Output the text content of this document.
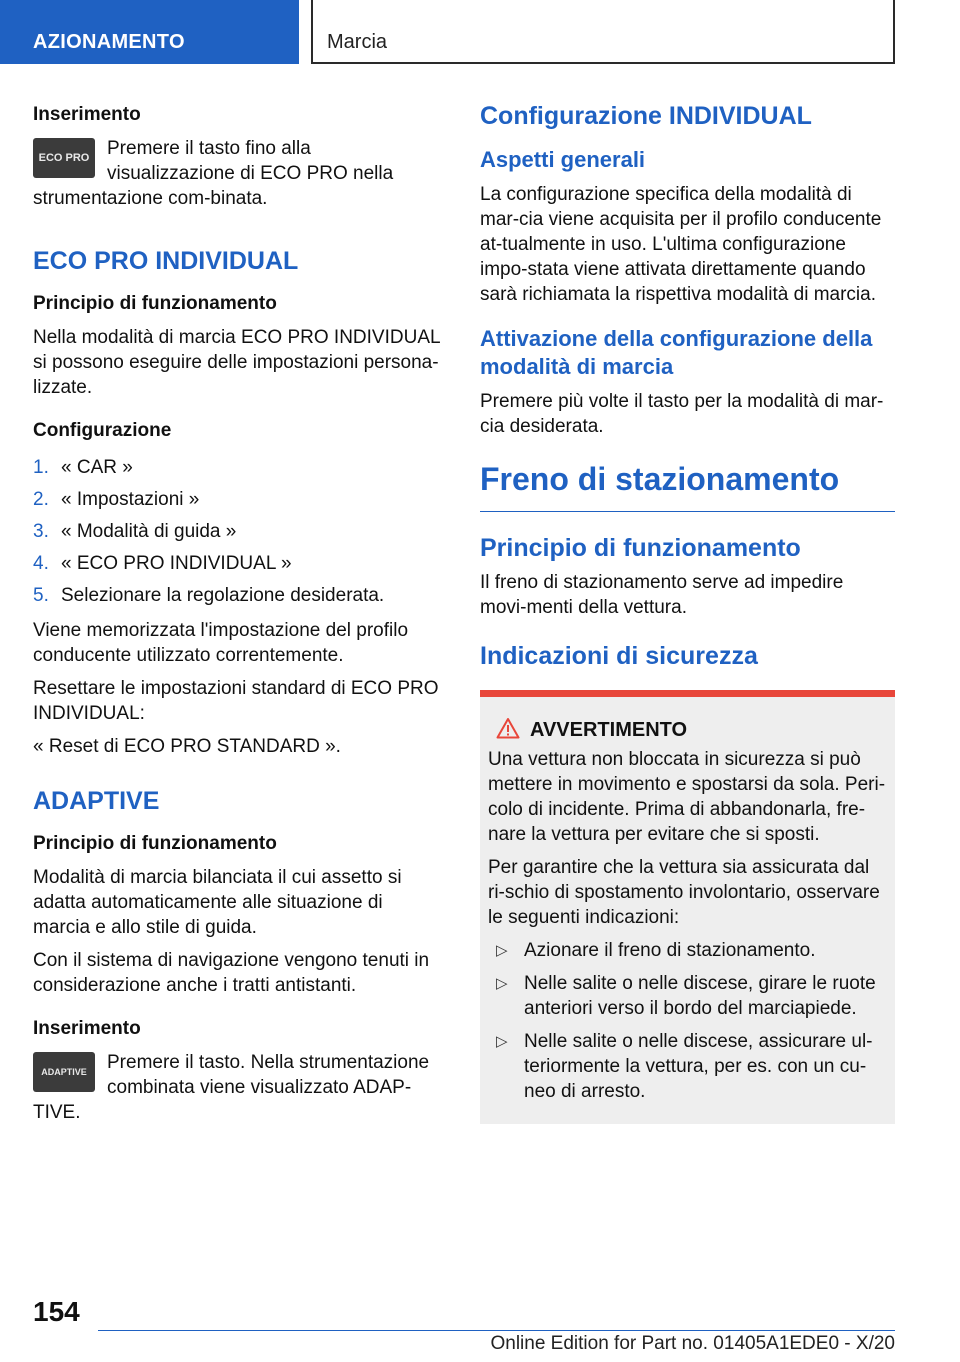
AZIONAMENTO	Marcia
Inserimento
ECO PRO Premere il tasto fino alla visualizzazione di ECO PRO nella strumentazione com-binata.

ECO PRO INDIVIDUAL
Principio di funzionamento

Nella modalità di marcia ECO PRO INDIVIDUAL si possono eseguire delle impostazioni persona-lizzate.

Configurazione
1. « CAR »
2. « Impostazioni »
3. « Modalità di guida »
4. « ECO PRO INDIVIDUAL »
5. Selezionare la regolazione desiderata.

Viene memorizzata l'impostazione del profilo conducente utilizzato correntemente.

Resettare le impostazioni standard di ECO PRO INDIVIDUAL:

« Reset di ECO PRO STANDARD ».

ADAPTIVE
Principio di funzionamento

Modalità di marcia bilanciata il cui assetto si adatta automaticamente alle situazione di marcia e allo stile di guida.

Con il sistema di navigazione vengono tenuti in considerazione anche i tratti antistanti.

Inserimento
ADAPTIVE	Premere il tasto. Nella strumentazione combinata viene visualizzato ADAP-TIVE.

Configurazione INDIVIDUAL
Aspetti generali

La configurazione specifica della modalità di mar-cia viene acquisita per il profilo conducente at-tualmente in uso. L'ultima configurazione impo-stata viene attivata direttamente quando sarà richiamata la rispettiva modalità di marcia.

Attivazione della configurazione della modalità di marcia

Premere più volte il tasto per la modalità di mar-cia desiderata.

Freno di stazionamento
Principio di funzionamento

Il freno di stazionamento serve ad impedire movi-menti della vettura.

Indicazioni di sicurezza
AVVERTIMENTO

Una vettura non bloccata in sicurezza si può mettere in movimento e spostarsi da sola. Peri-colo di incidente. Prima di abbandonarla, fre-nare la vettura per evitare che si sposti.

Per garantire che la vettura sia assicurata dal ri-schio di spostamento involontario, osservare le seguenti indicazioni:

▷ Azionare il freno di stazionamento.
▷ Nelle salite o nelle discese, girare le ruote anteriori verso il bordo del marciapiede.
▷ Nelle salite o nelle discese, assicurare ul-teriormente la vettura, per es. con un cu-neo di arresto.
154
Online Edition for Part no. 01405A1EDE0 - X/20
